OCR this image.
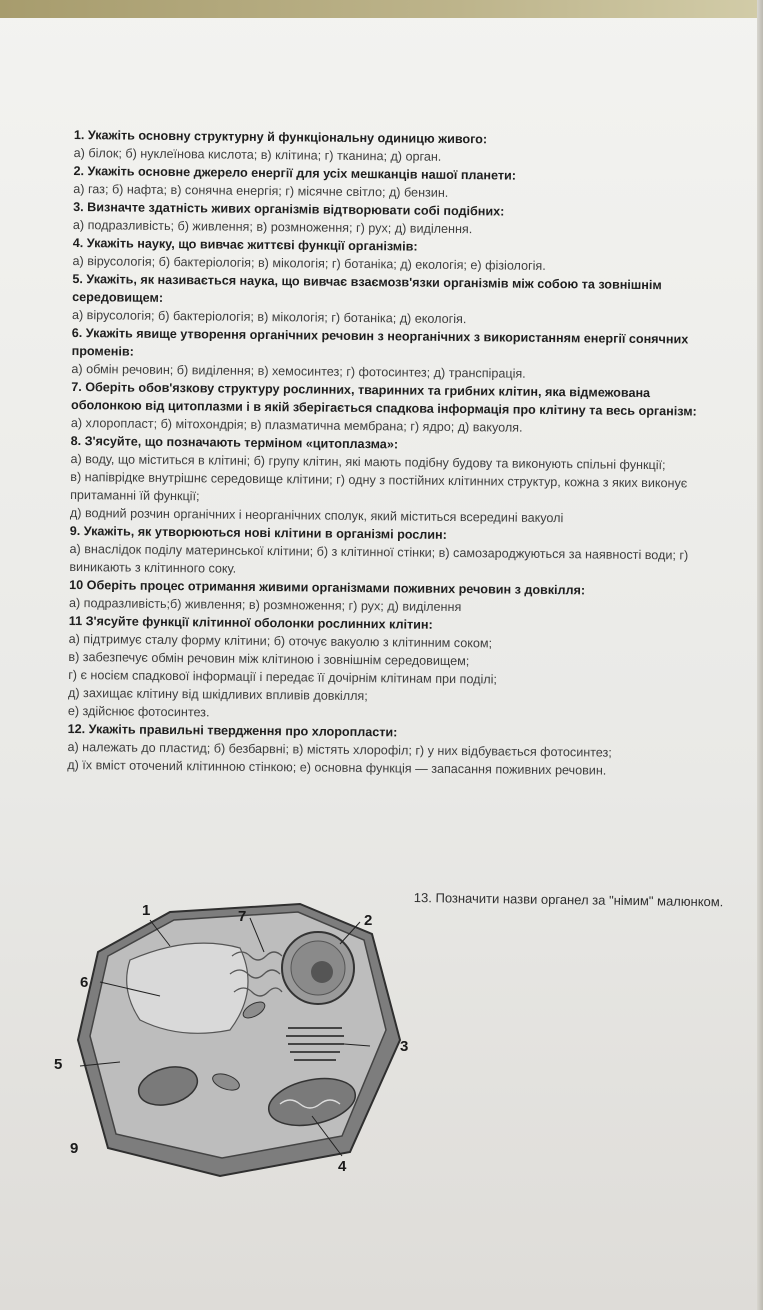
1. Укажіть основну структурну й функціональну одиницю живого:
а) білок; б) нуклеїнова кислота; в) клітина; г) тканина; д) орган.
2. Укажіть основне джерело енергії для усіх мешканців нашої планети:
а) газ; б) нафта; в) сонячна енергія; г) місячне світло; д) бензин.
3. Визначте здатність живих організмів відтворювати собі подібних:
а) подразливість; б) живлення; в) розмноження; г) рух; д) виділення.
4. Укажіть науку, що вивчає життєві функції організмів:
а) вірусологія; б) бактеріологія; в) мікологія; г) ботаніка; д) екологія; е) фізіологія.
5. Укажіть, як називається наука, що вивчає взаємозв'язки організмів між собою та зовнішнім середовищем:
а) вірусологія; б) бактеріологія; в) мікологія; г) ботаніка; д) екологія.
6. Укажіть явище утворення органічних речовин з неорганічних з використанням енергії сонячних променів:
а) обмін речовин; б) виділення; в) хемосинтез; г) фотосинтез; д) транспірація.
7. Оберіть обов'язкову структуру рослинних, тваринних та грибних клітин, яка відмежована оболонкою від цитоплазми і в якій зберігається спадкова інформація про клітину та весь організм:
а) хлоропласт; б) мітохондрія; в) плазматична мембрана; г) ядро; д) вакуоля.
8. З'ясуйте, що позначають терміном «цитоплазма»:
а) воду, що міститься в клітині; б) групу клітин, які мають подібну будову та виконують спільні функції;
в) напіврідке внутрішнє середовище клітини; г) одну з постійних клітинних структур, кожна з яких виконує притаманні їй функції;
д) водний розчин органічних і неорганічних сполук, який міститься всередині вакуолі
9. Укажіть, як утворюються нові клітини в організмі рослин:
а) внаслідок поділу материнської клітини; б) з клітинної стінки; в) самозароджуються за наявності води; г) виникають з клітинного соку.
10 Оберіть процес отримання живими організмами поживних речовин з довкілля:
а) подразливість;б) живлення; в) розмноження; г) рух; д) виділення
11 З'ясуйте функції клітинної оболонки рослинних клітин:
а) підтримує сталу форму клітини; б) оточує вакуолю з клітинним соком;
в) забезпечує обмін речовин між клітиною і зовнішнім середовищем;
г) є носієм спадкової інформації і передає її дочірнім клітинам при поділі;
д) захищає клітину від шкідливих впливів довкілля;
е) здійснює фотосинтез.
12. Укажіть правильні твердження про хлоропласти:
а) належать до пластид; б) безбарвні; в) містять хлорофіл; г) у них відбувається фотосинтез;
д) їх вміст оточений клітинною стінкою; е) основна функція — запасання поживних речовин.
13. Позначити назви органел за "німим" малюнком.
1	7	2
6
3
5
9
4
